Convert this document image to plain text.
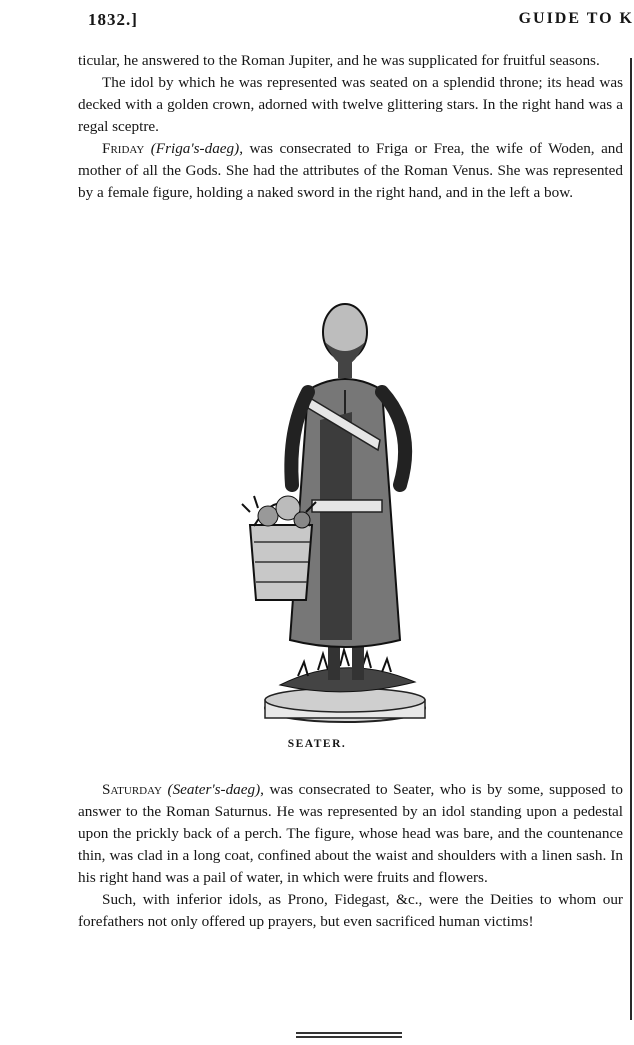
1832.]	GUIDE TO K

ticular, he answered to the Roman Jupiter, and he was supplicated for fruitful seasons.

The idol by which he was represented was seated on a splendid throne; its head was decked with a golden crown, adorned with twelve glittering stars. In the right hand was a regal sceptre.

Friday (Friga's-daeg), was consecrated to Friga or Frea, the wife of Woden, and mother of all the Gods. She had the attributes of the Roman Venus. She was represented by a female figure, holding a naked sword in the right hand, and in the left a bow.

SEATER.

Saturday (Seater's-daeg), was consecrated to Seater, who is by some, supposed to answer to the Roman Saturnus. He was represented by an idol standing upon a pedestal upon the prickly back of a perch. The figure, whose head was bare, and the countenance thin, was clad in a long coat, confined about the waist and shoulders with a linen sash. In his right hand was a pail of water, in which were fruits and flowers.

Such, with inferior idols, as Prono, Fidegast, &c., were the Deities to whom our forefathers not only offered up prayers, but even sacrificed human victims!
